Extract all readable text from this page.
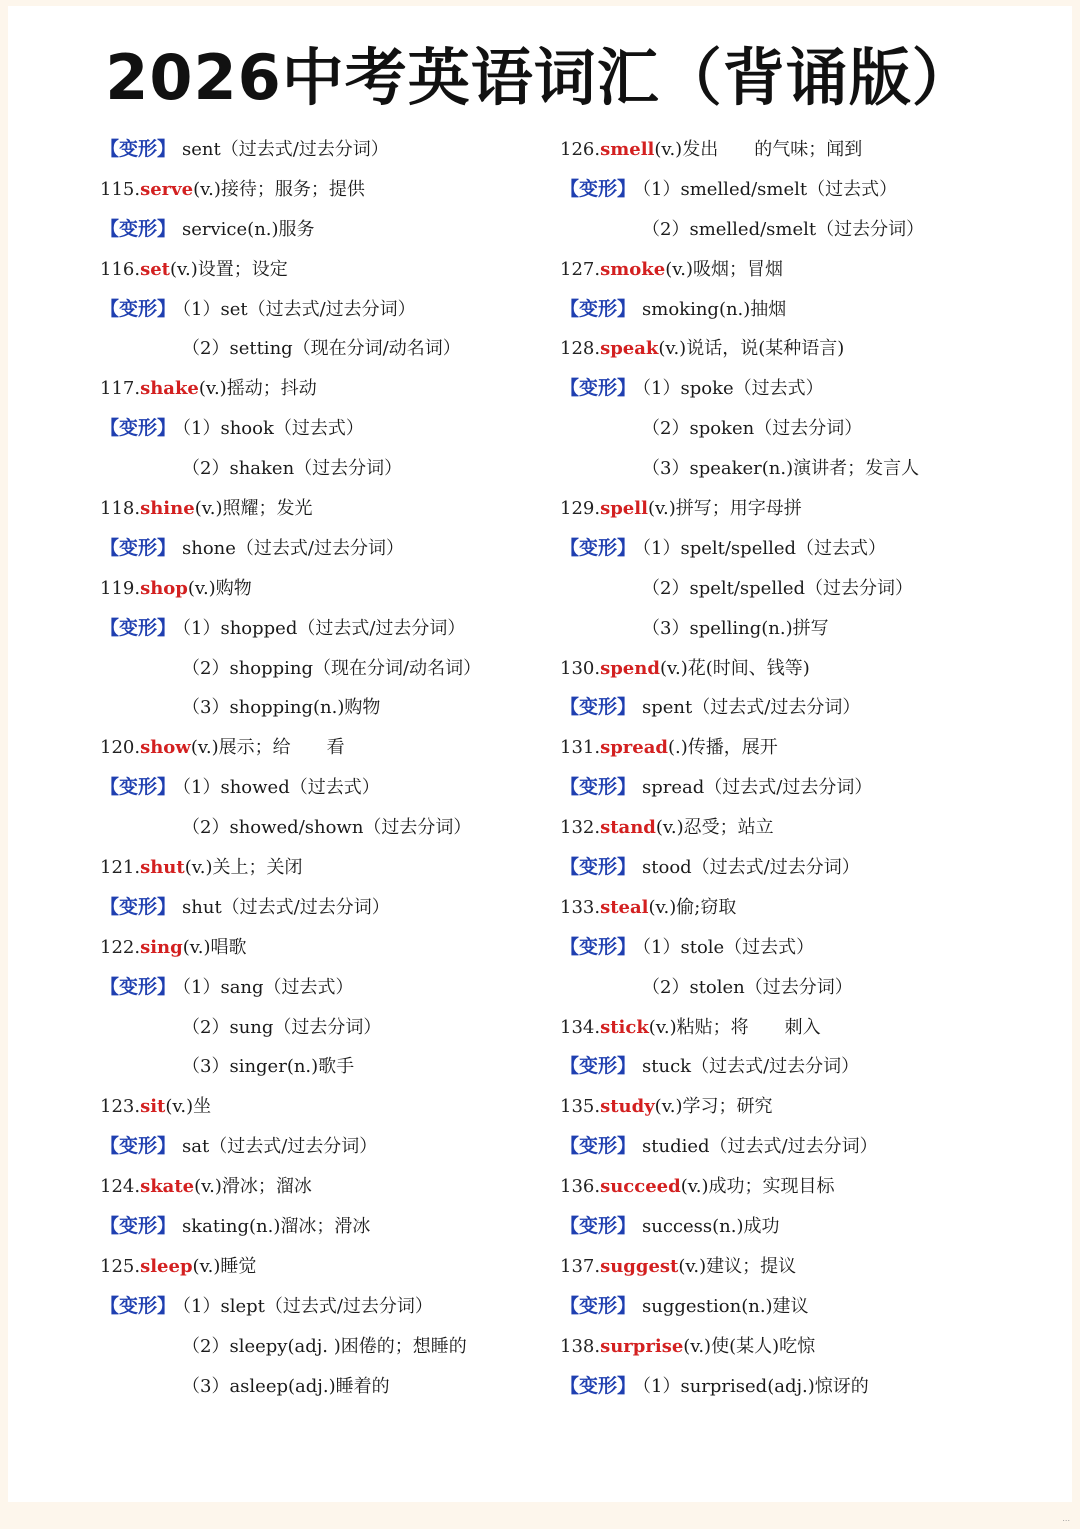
2026中考英语词汇（背诵版）
【变形】 sent（过去式/过去分词）
115.serve(v.)接待；服务；提供
【变形】 service(n.)服务
116.set(v.)设置；设定
【变形】 （1）set（过去式/过去分词）
（2）setting（现在分词/动名词）
117.shake(v.)摇动；抖动
【变形】 （1）shook（过去式）
（2）shaken（过去分词）
118.shine(v.)照耀；发光
【变形】 shone（过去式/过去分词）
119.shop(v.)购物
【变形】 （1）shopped（过去式/过去分词）
（2）shopping（现在分词/动名词）
（3）shopping(n.)购物
120.show(v.)展示；给　　看
【变形】 （1）showed（过去式）
（2）showed/shown（过去分词）
121.shut(v.)关上；关闭
【变形】 shut（过去式/过去分词）
122.sing(v.)唱歌
【变形】 （1）sang（过去式）
（2）sung（过去分词）
（3）singer(n.)歌手
123.sit(v.)坐
【变形】 sat（过去式/过去分词）
124.skate(v.)滑冰；溜冰
【变形】 skating(n.)溜冰；滑冰
125.sleep(v.)睡觉
【变形】 （1）slept（过去式/过去分词）
（2）sleepy(adj. )困倦的；想睡的
（3）asleep(adj.)睡着的
126.smell(v.)发出　　的气味；闻到
【变形】 （1）smelled/smelt（过去式）
（2）smelled/smelt（过去分词）
127.smoke(v.)吸烟；冒烟
【变形】 smoking(n.)抽烟
128.speak(v.)说话，说(某种语言)
【变形】 （1）spoke（过去式）
（2）spoken（过去分词）
（3）speaker(n.)演讲者；发言人
129.spell(v.)拼写；用字母拼
【变形】 （1）spelt/spelled（过去式）
（2）spelt/spelled（过去分词）
（3）spelling(n.)拼写
130.spend(v.)花(时间、钱等)
【变形】 spent（过去式/过去分词）
131.spread(.)传播，展开
【变形】 spread（过去式/过去分词）
132.stand(v.)忍受；站立
【变形】 stood（过去式/过去分词）
133.steal(v.)偷;窃取
【变形】 （1）stole（过去式）
（2）stolen（过去分词）
134.stick(v.)粘贴；将　　刺入
【变形】 stuck（过去式/过去分词）
135.study(v.)学习；研究
【变形】 studied（过去式/过去分词）
136.succeed(v.)成功；实现目标
【变形】 success(n.)成功
137.suggest(v.)建议；提议
【变形】 suggestion(n.)建议
138.surprise(v.)使(某人)吃惊
【变形】 （1）surprised(adj.)惊讶的
...
